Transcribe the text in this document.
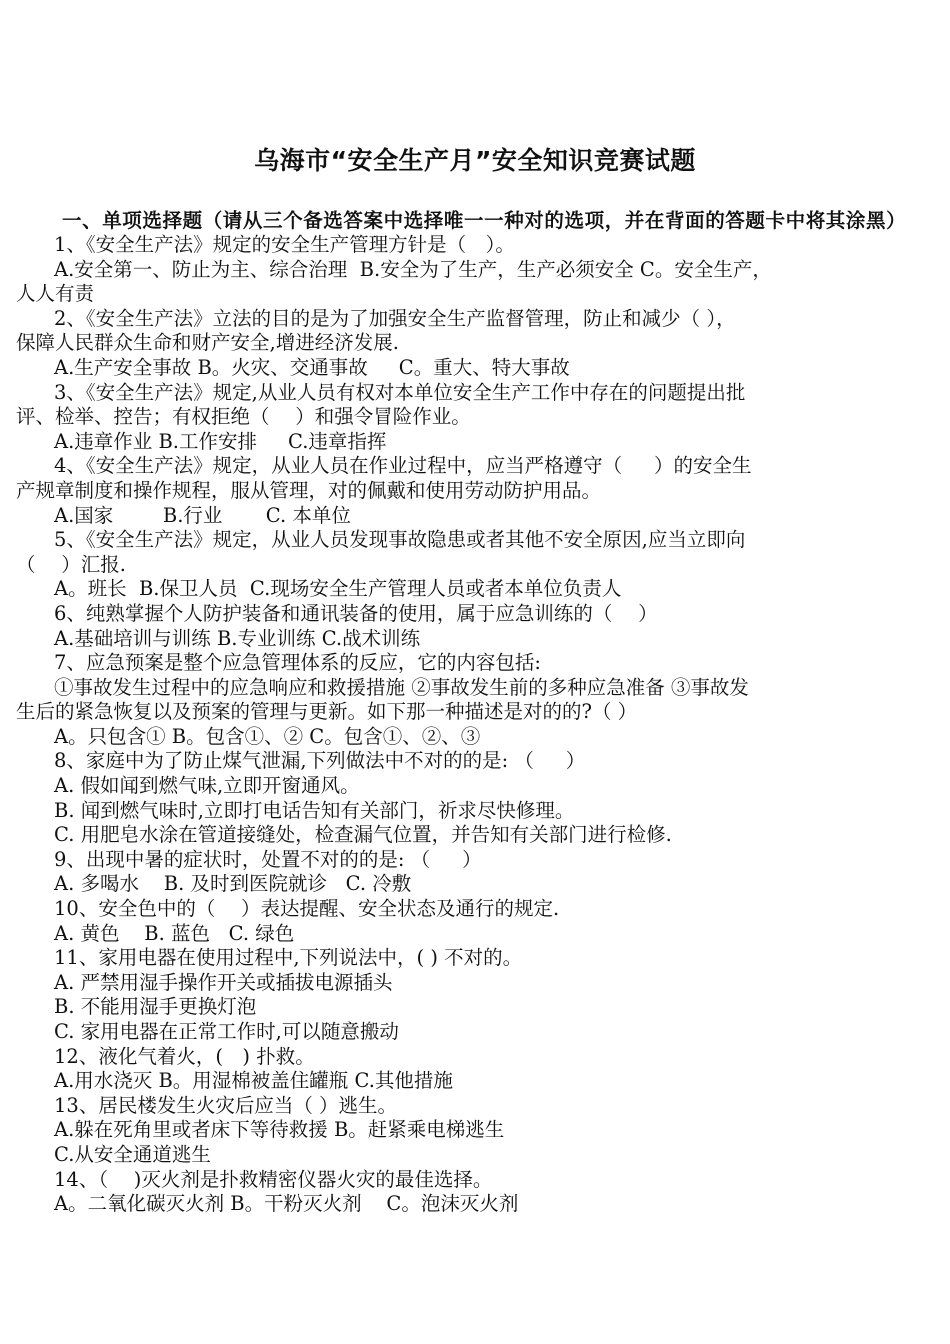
乌海市“安全生产月”安全知识竞赛试题

一、单项选择题（请从三个备选答案中选择唯一一种对的选项，并在背面的答题卡中将其涂黑）

1、《安全生产法》规定的安全生产管理方针是（　）。

A.安全第一、防止为主、综合治理  B.安全为了生产，生产必须安全 C。安全生产，

人人有责

2、《安全生产法》立法的目的是为了加强安全生产监督管理，防止和减少（ ），

保障人民群众生命和财产安全,增进经济发展.

A.生产安全事故 B。火灾、交通事故     C。重大、特大事故

3、《安全生产法》规定,从业人员有权对本单位安全生产工作中存在的问题提出批

评、检举、控告；有权拒绝（　 ）和强令冒险作业。

A.违章作业 B.工作安排     C.违章指挥

4、《安全生产法》规定，从业人员在作业过程中，应当严格遵守（　  ）的安全生

产规章制度和操作规程，服从管理，对的佩戴和使用劳动防护用品。

A.国家        B.行业       C. 本单位

5、《安全生产法》规定，从业人员发现事故隐患或者其他不安全原因,应当立即向

（　 ）汇报.

A。班长  B.保卫人员  C.现场安全生产管理人员或者本单位负责人

6、纯熟掌握个人防护装备和通讯装备的使用，属于应急训练的（　 ）

A.基础培训与训练 B.专业训练 C.战术训练

7、应急预案是整个应急管理体系的反应，它的内容包括:

①事故发生过程中的应急响应和救援措施 ②事故发生前的多种应急准备 ③事故发

生后的紧急恢复以及预案的管理与更新。如下那一种描述是对的的?（ ）

A。只包含① B。包含①、② C。包含①、②、③

8、家庭中为了防止煤气泄漏,下列做法中不对的的是: （　  ）

A. 假如闻到燃气味,立即开窗通风。

B. 闻到燃气味时,立即打电话告知有关部门，祈求尽快修理。

C. 用肥皂水涂在管道接缝处，检查漏气位置，并告知有关部门进行检修.

9、出现中暑的症状时，处置不对的的是: （　  ）

A. 多喝水    B. 及时到医院就诊   C. 冷敷

10、安全色中的（　 ）表达提醒、安全状态及通行的规定.

A. 黄色    B. 蓝色   C. 绿色

11、家用电器在使用过程中,下列说法中，( ) 不对的。

A. 严禁用湿手操作开关或插拔电源插头

B. 不能用湿手更换灯泡

C. 家用电器在正常工作时,可以随意搬动

12、液化气着火，(　) 扑救。

A.用水浇灭 B。用湿棉被盖住罐瓶 C.其他措施

13、居民楼发生火灾后应当（ ）逃生。

A.躲在死角里或者床下等待救援 B。赶紧乘电梯逃生

C.从安全通道逃生

14、（　 )灭火剂是扑救精密仪器火灾的最佳选择。

A。二氧化碳灭火剂 B。干粉灭火剂    C。泡沫灭火剂
